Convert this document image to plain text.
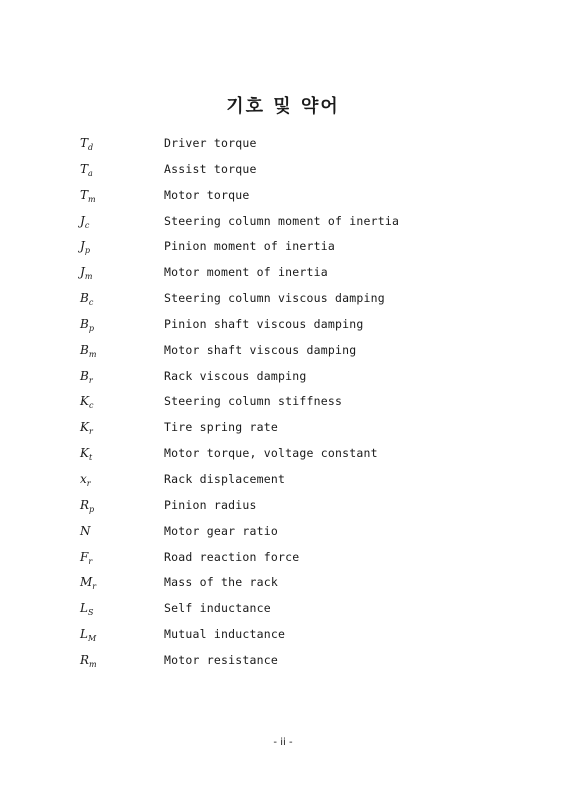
기호 및 약어
$T_d$	Driver torque
$T_a$	Assist torque
$T_m$	Motor torque
$J_c$	Steering column moment of inertia
$J_p$	Pinion moment of inertia
$J_m$	Motor moment of inertia
$B_c$	Steering column viscous damping
$B_p$	Pinion shaft viscous damping
$B_m$	Motor shaft viscous damping
$B_r$	Rack viscous damping
$K_c$	Steering column stiffness
$K_r$	Tire spring rate
$K_t$	Motor torque, voltage constant
$x_r$	Rack displacement
$R_p$	Pinion radius
N	Motor gear ratio
$F_r$	Road reaction force
$M_r$	Mass of the rack
$L_S$	Self inductance
$L_M$	Mutual inductance
$R_m$	Motor resistance
- ii -
